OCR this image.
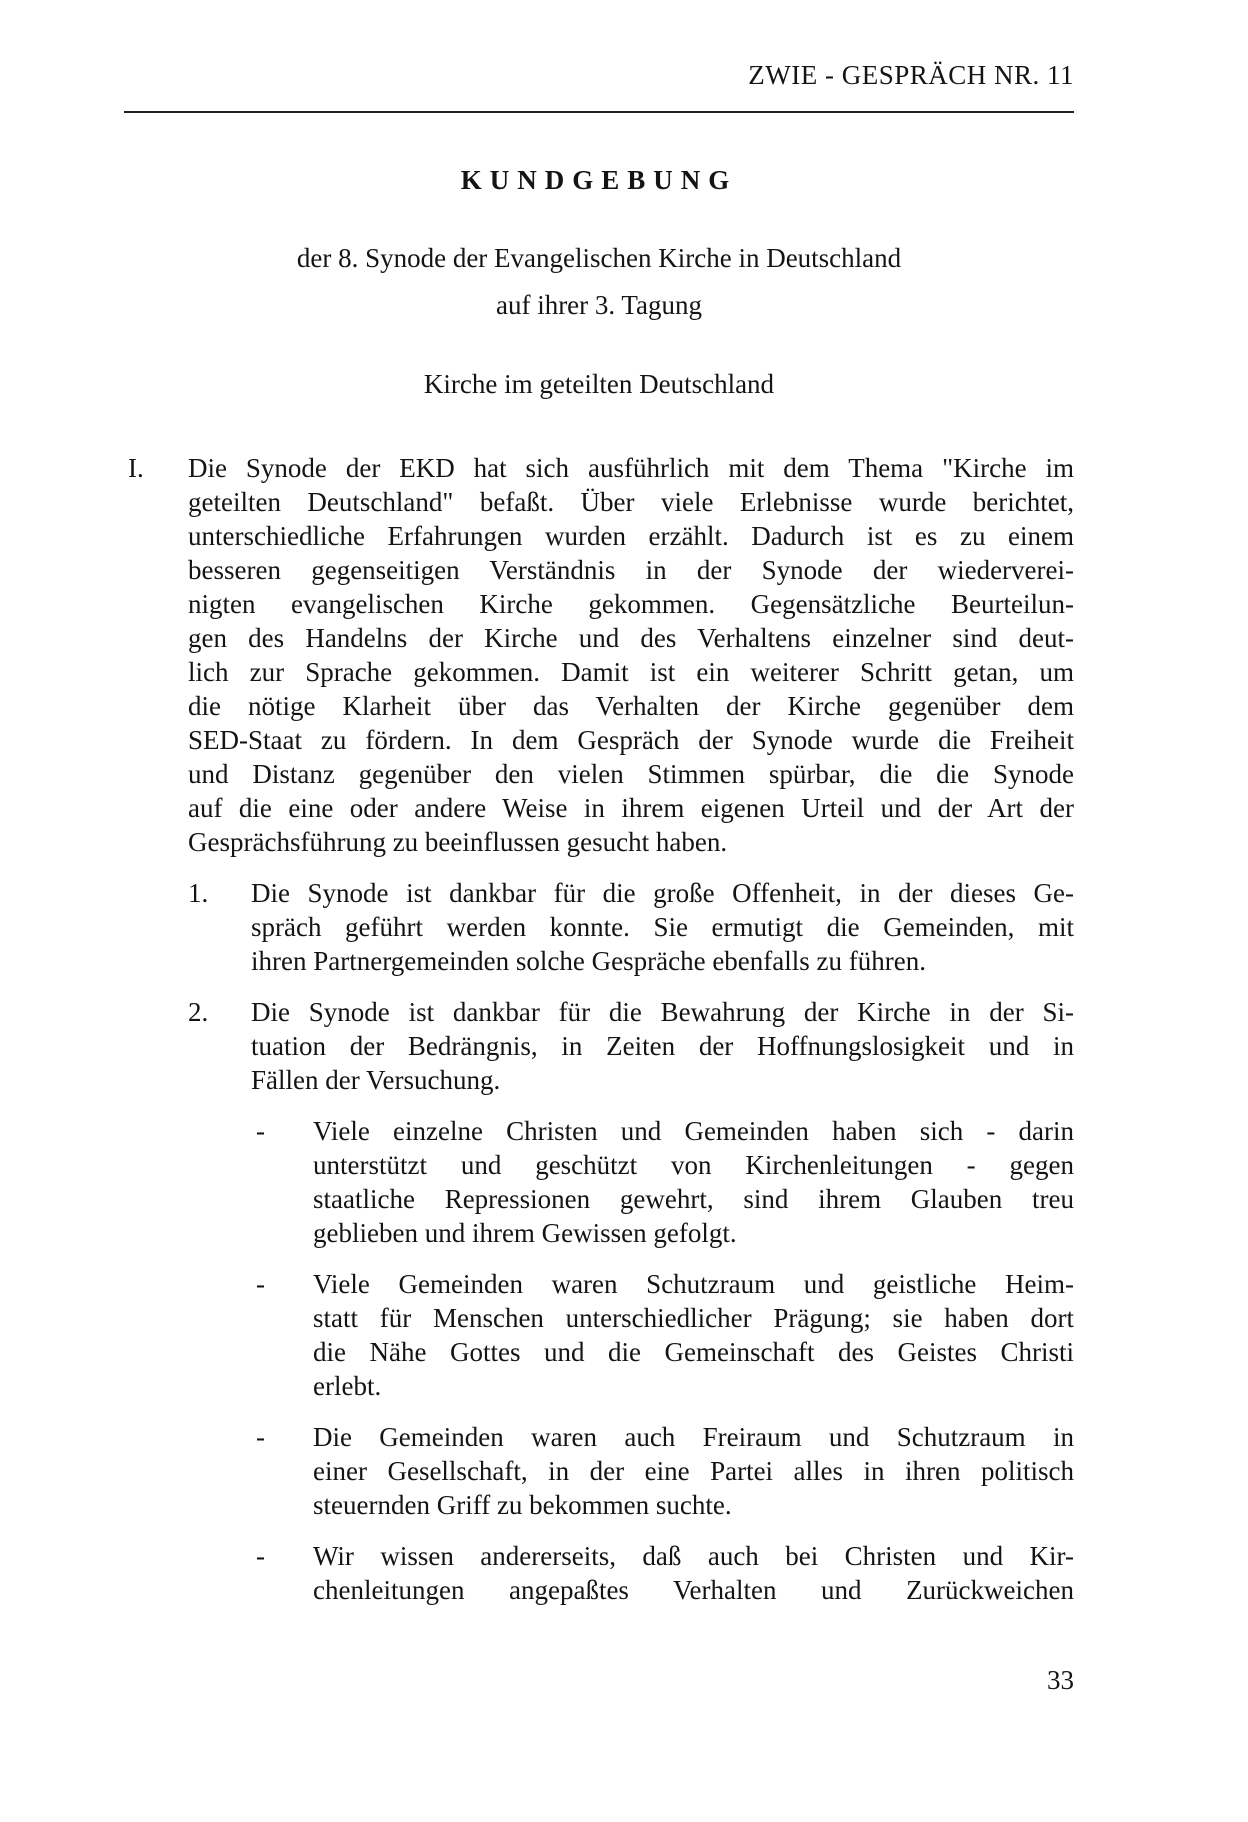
ZWIE - GESPRÄCH NR. 11
KUNDGEBUNG
der 8. Synode der Evangelischen Kirche in Deutschland
auf ihrer 3. Tagung
Kirche im geteilten Deutschland
I. Die Synode der EKD hat sich ausführlich mit dem Thema "Kirche im
geteilten Deutschland" befaßt. Über viele Erlebnisse wurde berichtet,
unterschiedliche Erfahrungen wurden erzählt. Dadurch ist es zu einem
besseren gegenseitigen Verständnis in der Synode der wiederverei-
nigten evangelischen Kirche gekommen. Gegensätzliche Beurteilun-
gen des Handelns der Kirche und des Verhaltens einzelner sind deut-
lich zur Sprache gekommen. Damit ist ein weiterer Schritt getan, um
die nötige Klarheit über das Verhalten der Kirche gegenüber dem
SED-Staat zu fördern. In dem Gespräch der Synode wurde die Freiheit
und Distanz gegenüber den vielen Stimmen spürbar, die die Synode
auf die eine oder andere Weise in ihrem eigenen Urteil und der Art der
Gesprächsführung zu beeinflussen gesucht haben.
1. Die Synode ist dankbar für die große Offenheit, in der dieses Ge-
spräch geführt werden konnte. Sie ermutigt die Gemeinden, mit
ihren Partnergemeinden solche Gespräche ebenfalls zu führen.
2. Die Synode ist dankbar für die Bewahrung der Kirche in der Si-
tuation der Bedrängnis, in Zeiten der Hoffnungslosigkeit und in
Fällen der Versuchung.
- Viele einzelne Christen und Gemeinden haben sich - darin
unterstützt und geschützt von Kirchenleitungen - gegen
staatliche Repressionen gewehrt, sind ihrem Glauben treu
geblieben und ihrem Gewissen gefolgt.
- Viele Gemeinden waren Schutzraum und geistliche Heim-
statt für Menschen unterschiedlicher Prägung; sie haben dort
die Nähe Gottes und die Gemeinschaft des Geistes Christi
erlebt.
- Die Gemeinden waren auch Freiraum und Schutzraum in
einer Gesellschaft, in der eine Partei alles in ihren politisch
steuernden Griff zu bekommen suchte.
- Wir wissen andererseits, daß auch bei Christen und Kir-
chenleitungen angepaßtes Verhalten und Zurückweichen
33
